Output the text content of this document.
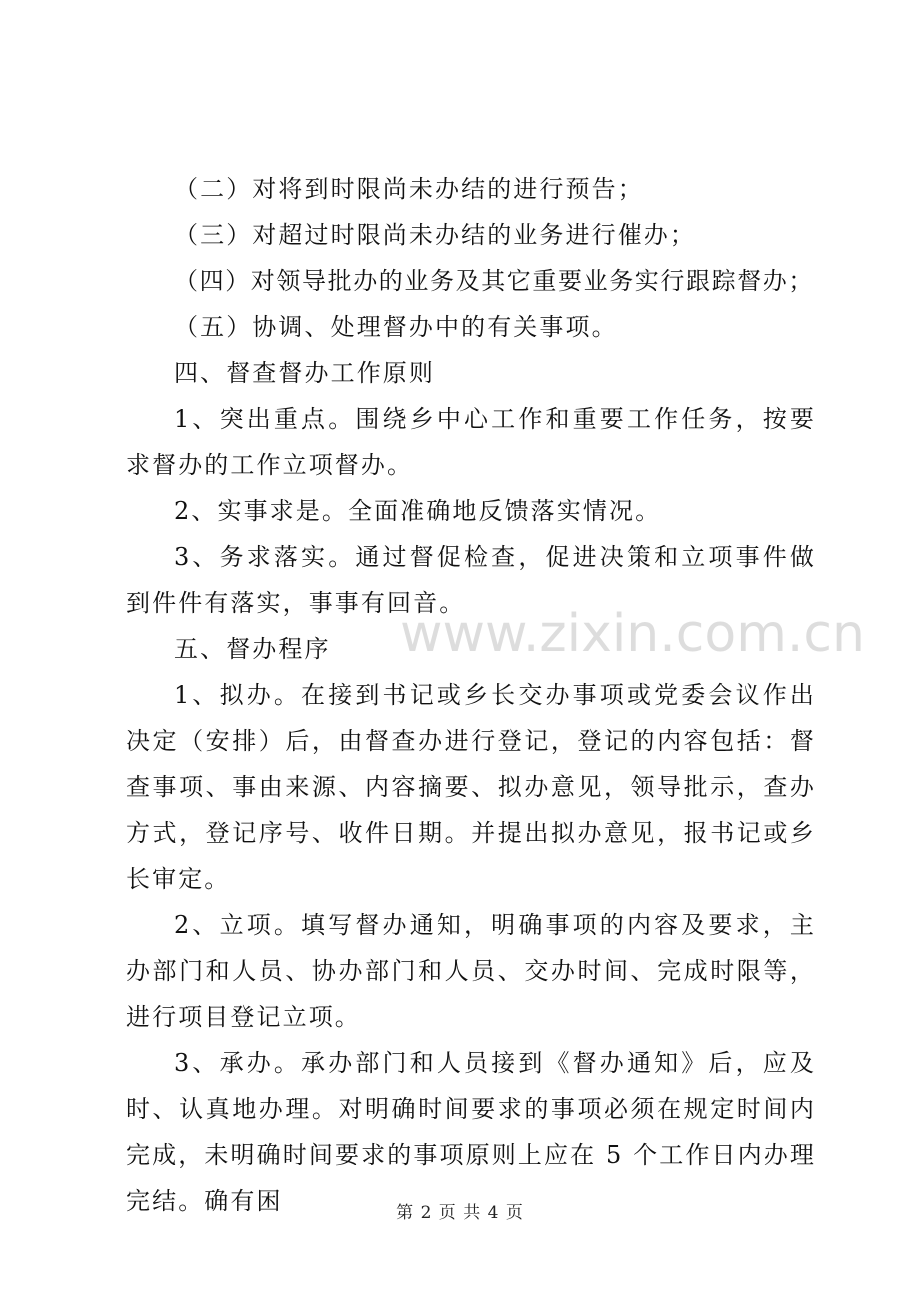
（二）对将到时限尚未办结的进行预告；

（三）对超过时限尚未办结的业务进行催办；

（四）对领导批办的业务及其它重要业务实行跟踪督办；

（五）协调、处理督办中的有关事项。

四、督查督办工作原则

1、突出重点。围绕乡中心工作和重要工作任务，按要求督办的工作立项督办。

2、实事求是。全面准确地反馈落实情况。

3、务求落实。通过督促检查，促进决策和立项事件做到件件有落实，事事有回音。

五、督办程序

1、拟办。在接到书记或乡长交办事项或党委会议作出决定（安排）后，由督查办进行登记，登记的内容包括：督查事项、事由来源、内容摘要、拟办意见，领导批示，查办方式，登记序号、收件日期。并提出拟办意见，报书记或乡长审定。

2、立项。填写督办通知，明确事项的内容及要求，主办部门和人员、协办部门和人员、交办时间、完成时限等，进行项目登记立项。

3、承办。承办部门和人员接到《督办通知》后，应及时、认真地办理。对明确时间要求的事项必须在规定时间内完成，未明确时间要求的事项原则上应在 5 个工作日内办理完结。确有困

www.zixin.com.cn
第 2 页 共 4 页
